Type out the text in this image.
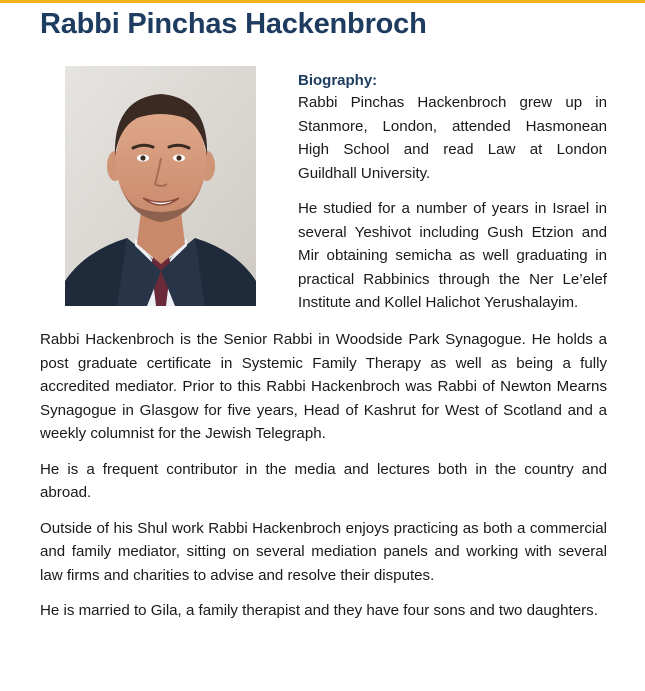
Rabbi Pinchas Hackenbroch
Biography:

Rabbi Pinchas Hackenbroch grew up in Stanmore, London, attended Hasmonean High School and read Law at London Guildhall University.

He studied for a number of years in Israel in several Yeshivot including Gush Etzion and Mir obtaining semicha as well graduating in practical Rabbinics through the Ner Le’elef Institute and Kollel Halichot Yerushalayim.

Rabbi Hackenbroch is the Senior Rabbi in Woodside Park Synagogue. He holds a post graduate certificate in Systemic Family Therapy as well as being a fully accredited mediator. Prior to this Rabbi Hackenbroch was Rabbi of Newton Mearns Synagogue in Glasgow for five years, Head of Kashrut for West of Scotland and a weekly columnist for the Jewish Telegraph.

He is a frequent contributor in the media and lectures both in the country and abroad.

Outside of his Shul work Rabbi Hackenbroch enjoys practicing as both a commercial and family mediator, sitting on several mediation panels and working with several law firms and charities to advise and resolve their disputes.

He is married to Gila, a family therapist and they have four sons and two daughters.
